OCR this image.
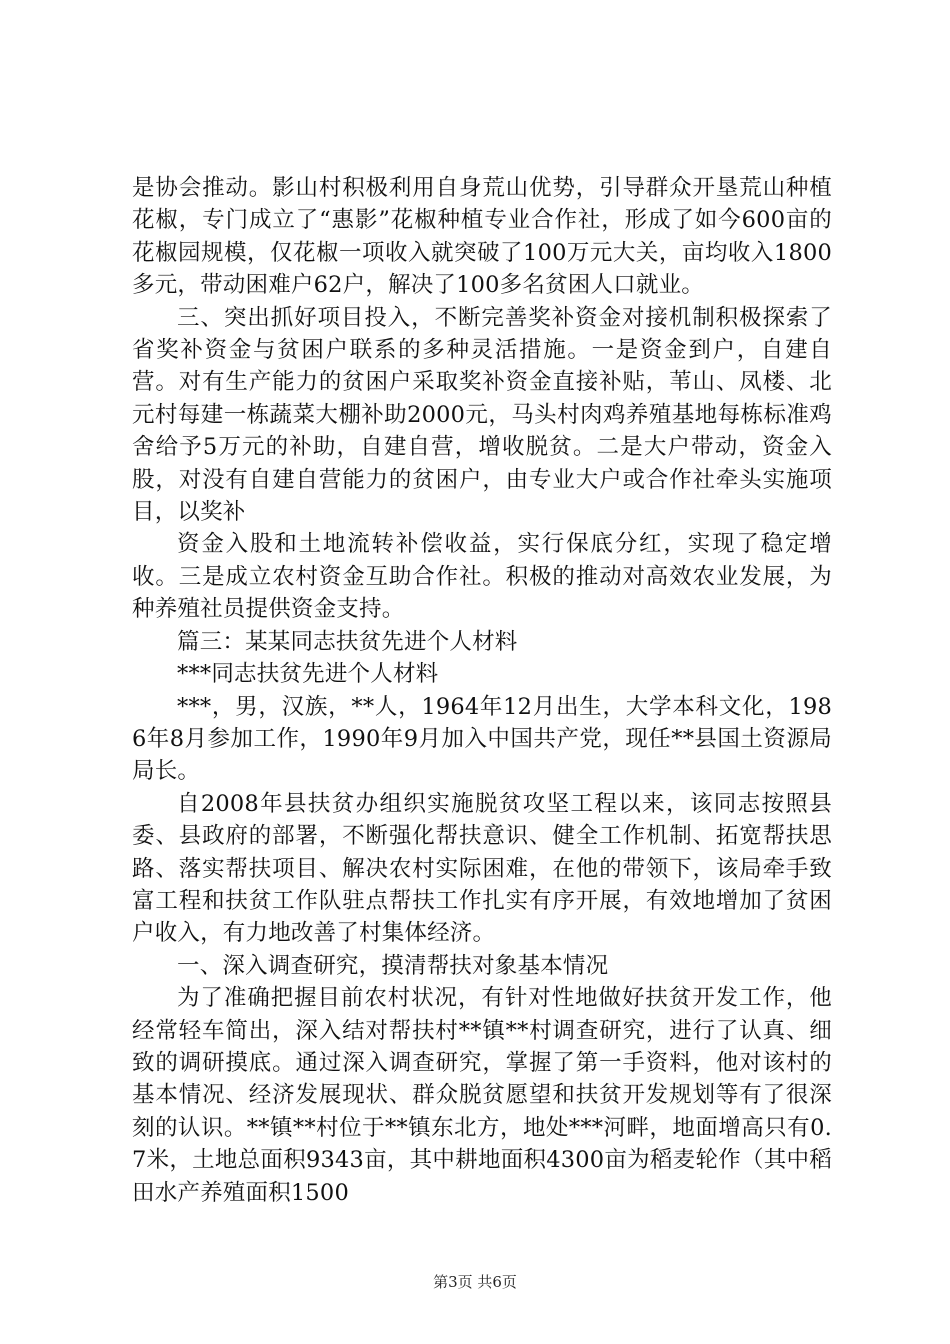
是协会推动。影山村积极利用自身荒山优势，引导群众开垦荒山种植花椒，专门成立了“惠影”花椒种植专业合作社，形成了如今600亩的花椒园规模，仅花椒一项收入就突破了100万元大关，亩均收入1800多元，带动困难户62户，解决了100多名贫困人口就业。

三、突出抓好项目投入，不断完善奖补资金对接机制积极探索了省奖补资金与贫困户联系的多种灵活措施。一是资金到户，自建自营。对有生产能力的贫困户采取奖补资金直接补贴，苇山、凤楼、北元村每建一栋蔬菜大棚补助2000元，马头村肉鸡养殖基地每栋标准鸡舍给予5万元的补助，自建自营，增收脱贫。二是大户带动，资金入股，对没有自建自营能力的贫困户，由专业大户或合作社牵头实施项目，以奖补

资金入股和土地流转补偿收益，实行保底分红，实现了稳定增收。三是成立农村资金互助合作社。积极的推动对高效农业发展，为种养殖社员提供资金支持。

篇三：某某同志扶贫先进个人材料

***同志扶贫先进个人材料

***，男，汉族，**人，1964年12月出生，大学本科文化，1986年8月参加工作，1990年9月加入中国共产党，现任**县国土资源局局长。

自2008年县扶贫办组织实施脱贫攻坚工程以来，该同志按照县委、县政府的部署，不断强化帮扶意识、健全工作机制、拓宽帮扶思路、落实帮扶项目、解决农村实际困难，在他的带领下，该局牵手致富工程和扶贫工作队驻点帮扶工作扎实有序开展，有效地增加了贫困户收入，有力地改善了村集体经济。

一、深入调查研究，摸清帮扶对象基本情况

为了准确把握目前农村状况，有针对性地做好扶贫开发工作，他经常轻车简出，深入结对帮扶村**镇**村调查研究，进行了认真、细致的调研摸底。通过深入调查研究，掌握了第一手资料，他对该村的基本情况、经济发展现状、群众脱贫愿望和扶贫开发规划等有了很深刻的认识。**镇**村位于**镇东北方，地处***河畔，地面增高只有0.7米，土地总面积9343亩，其中耕地面积4300亩为稻麦轮作（其中稻田水产养殖面积1500

第3页 共6页
